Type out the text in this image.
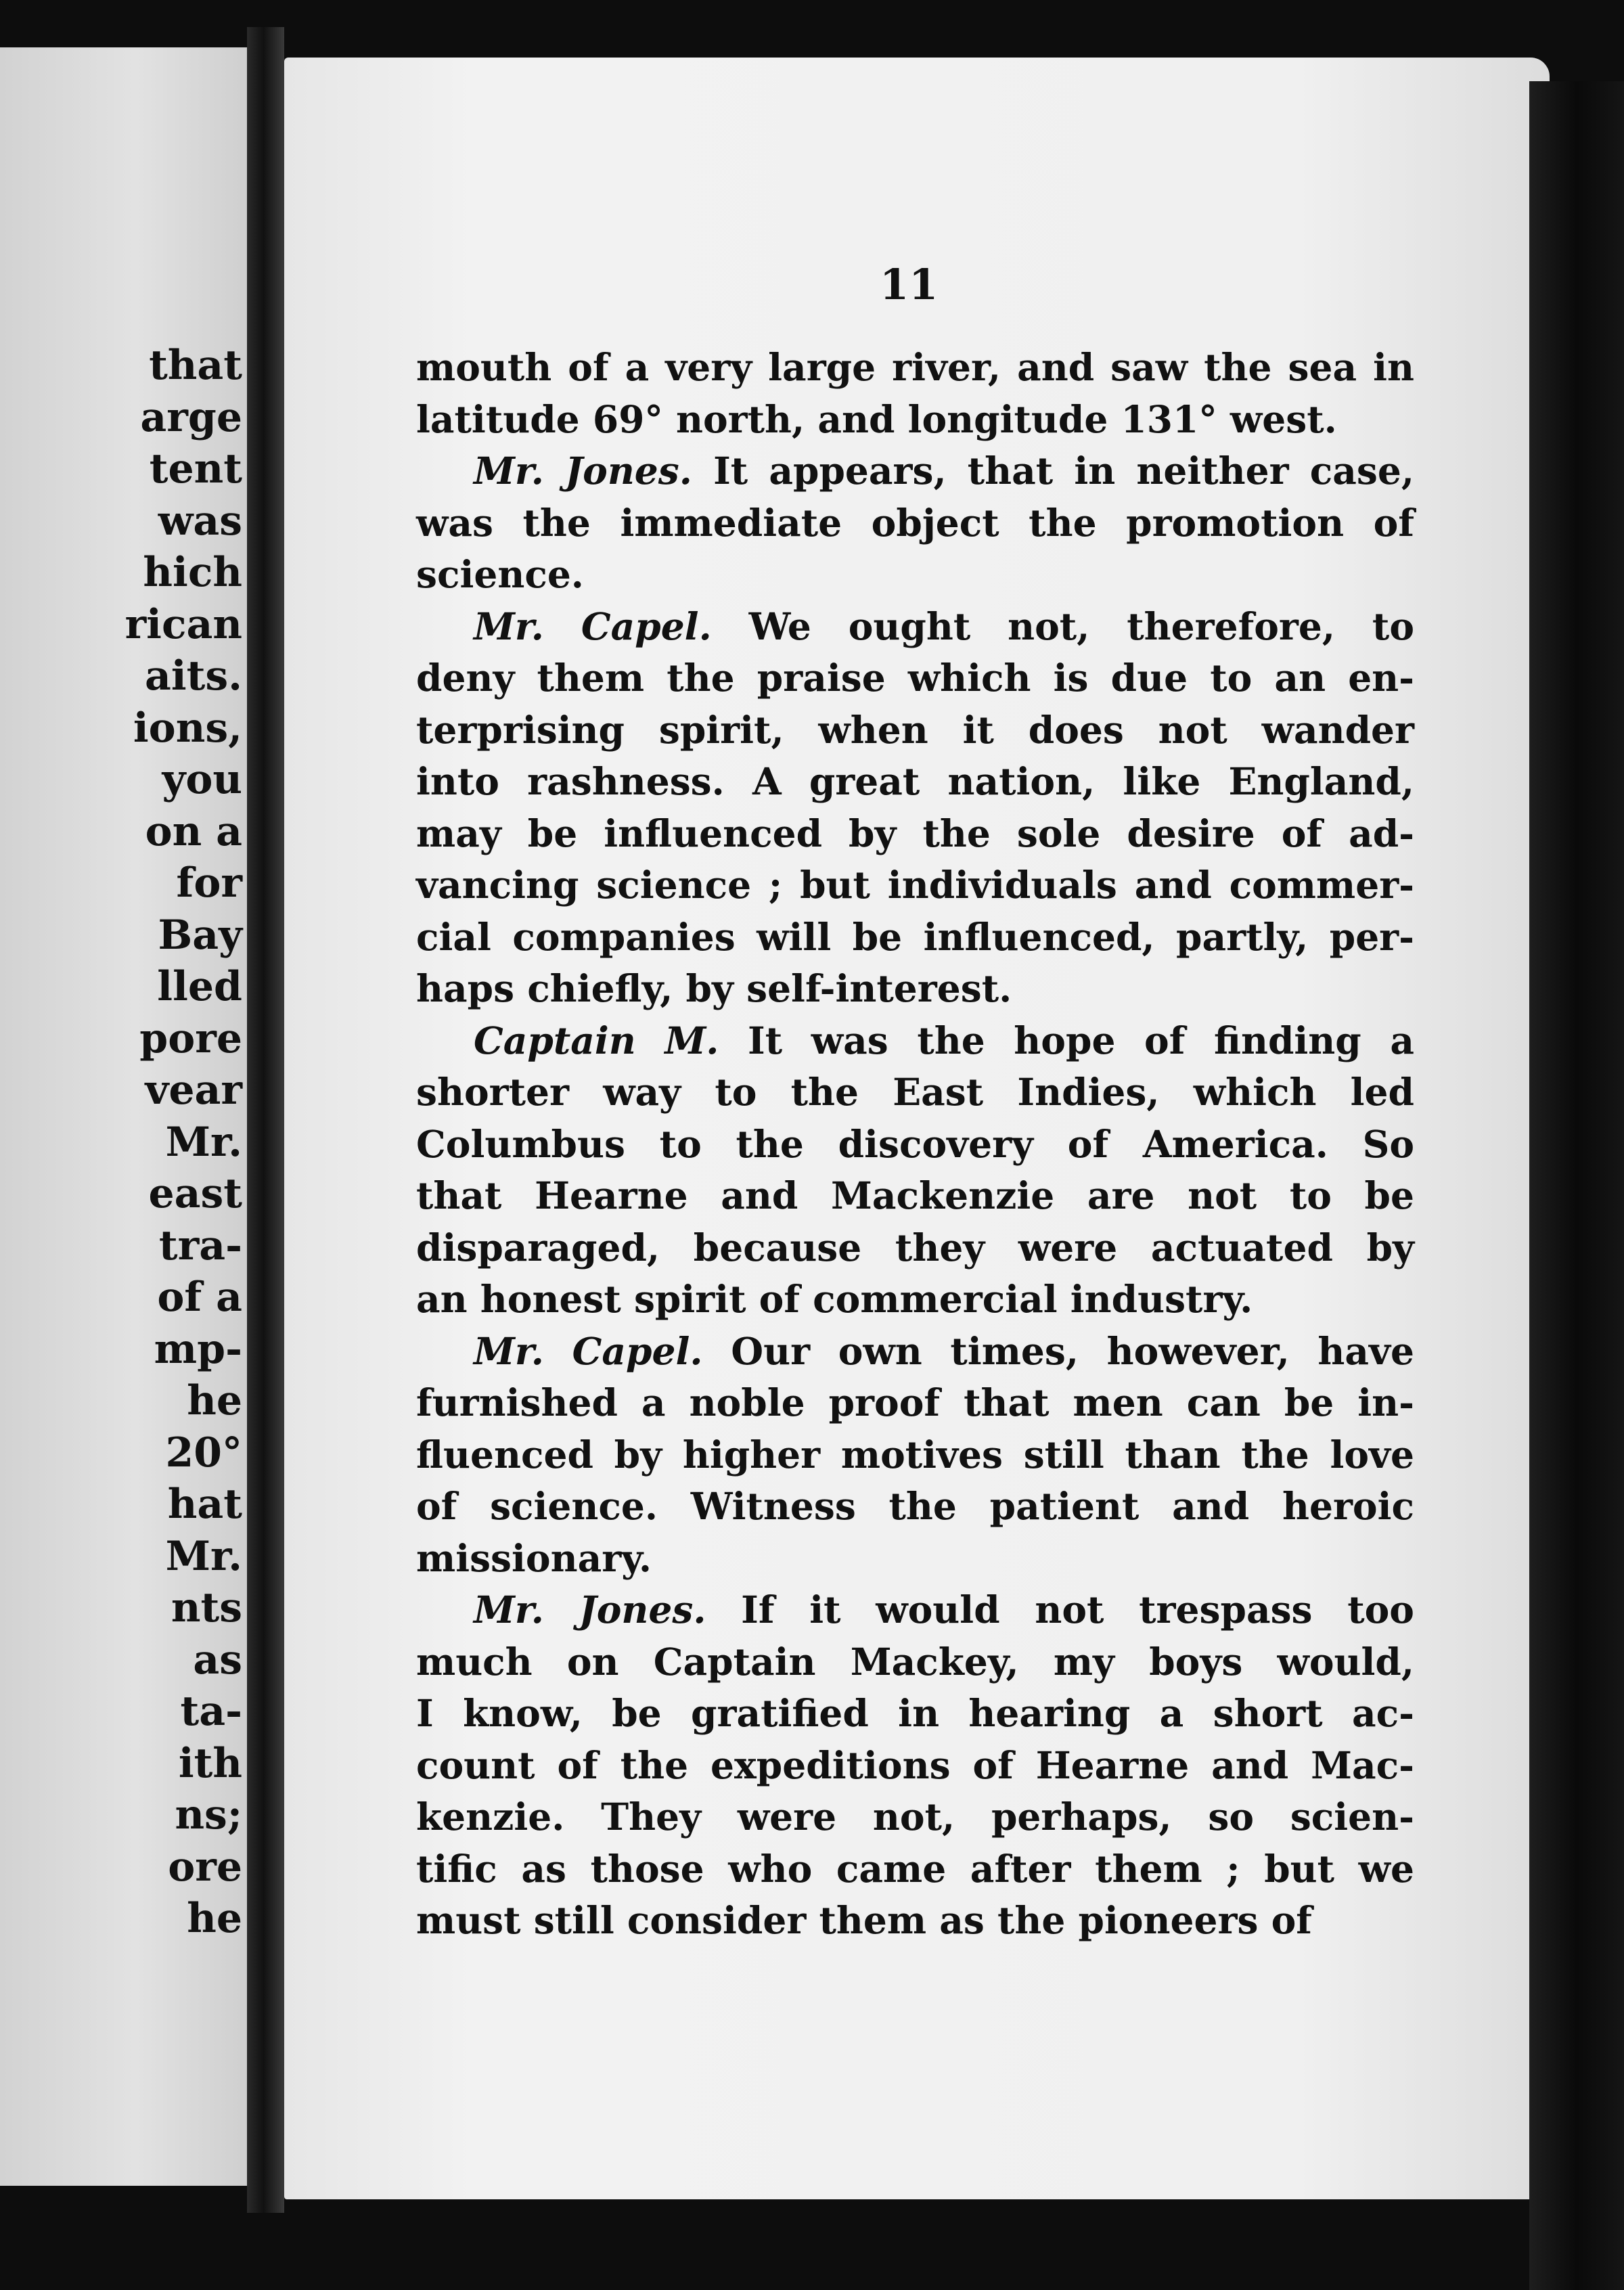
that
arge
tent
was
hich
rican
aits.
ions,
you
on a
for
Bay
lled
pore
vear
Mr.
east
tra-
of a
mp-
he
20°
hat
Mr.
nts
as
ta-
ith
ns;
ore
he
11
mouth of a very large river, and saw the sea in
latitude 69° north, and longitude 131° west.
Mr. Jones. It appears, that in neither case,
was the immediate object the promotion of
science.
Mr. Capel. We ought not, therefore, to
deny them the praise which is due to an en-
terprising spirit, when it does not wander
into rashness. A great nation, like England,
may be influenced by the sole desire of ad-
vancing science ; but individuals and commer-
cial companies will be influenced, partly, per-
haps chiefly, by self-interest.
Captain M. It was the hope of finding a
shorter way to the East Indies, which led
Columbus to the discovery of America. So
that Hearne and Mackenzie are not to be
disparaged, because they were actuated by
an honest spirit of commercial industry.
Mr. Capel. Our own times, however, have
furnished a noble proof that men can be in-
fluenced by higher motives still than the love
of science. Witness the patient and heroic
missionary.
Mr. Jones. If it would not trespass too
much on Captain Mackey, my boys would,
I know, be gratified in hearing a short ac-
count of the expeditions of Hearne and Mac-
kenzie. They were not, perhaps, so scien-
tific as those who came after them ; but we
must still consider them as the pioneers of
